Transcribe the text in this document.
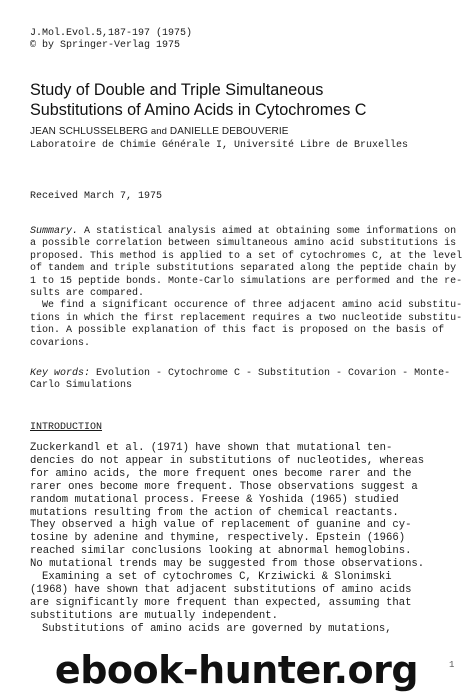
J.Mol.Evol.5,187-197 (1975)
© by Springer-Verlag 1975
Study of Double and Triple Simultaneous
Substitutions of Amino Acids in Cytochromes C
JEAN SCHLUSSELBERG and DANIELLE DEBOUVERIE
Laboratoire de Chimie Générale I, Université Libre de Bruxelles
Received March 7, 1975
Summary. A statistical analysis aimed at obtaining some informations on
a possible correlation between simultaneous amino acid substitutions is
proposed. This method is applied to a set of cytochromes C, at the level
of tandem and triple substitutions separated along the peptide chain by
1 to 15 peptide bonds. Monte-Carlo simulations are performed and the re-
sults are compared.
We find a significant occurence of three adjacent amino acid substitu-
tions in which the first replacement requires a two nucleotide substitu-
tion. A possible explanation of this fact is proposed on the basis of
covarions.
Key words: Evolution - Cytochrome C - Substitution - Covarion - Monte-
Carlo Simulations
INTRODUCTION
Zuckerkandl et al. (1971) have shown that mutational ten-
dencies do not appear in substitutions of nucleotides, whereas
for amino acids, the more frequent ones become rarer and the
rarer ones become more frequent. Those observations suggest a
random mutational process. Freese & Yoshida (1965) studied
mutations resulting from the action of chemical reactants.
They observed a high value of replacement of guanine and cy-
tosine by adenine and thymine, respectively. Epstein (1966)
reached similar conclusions looking at abnormal hemoglobins.
No mutational trends may be suggested from those observations.
Examining a set of cytochromes C, Krziwicki & Slonimski
(1968) have shown that adjacent substitutions of amino acids
are significantly more frequent than expected, assuming that
substitutions are mutually independent.
Substitutions of amino acids are governed by mutations,
ebook-hunter.org	1
